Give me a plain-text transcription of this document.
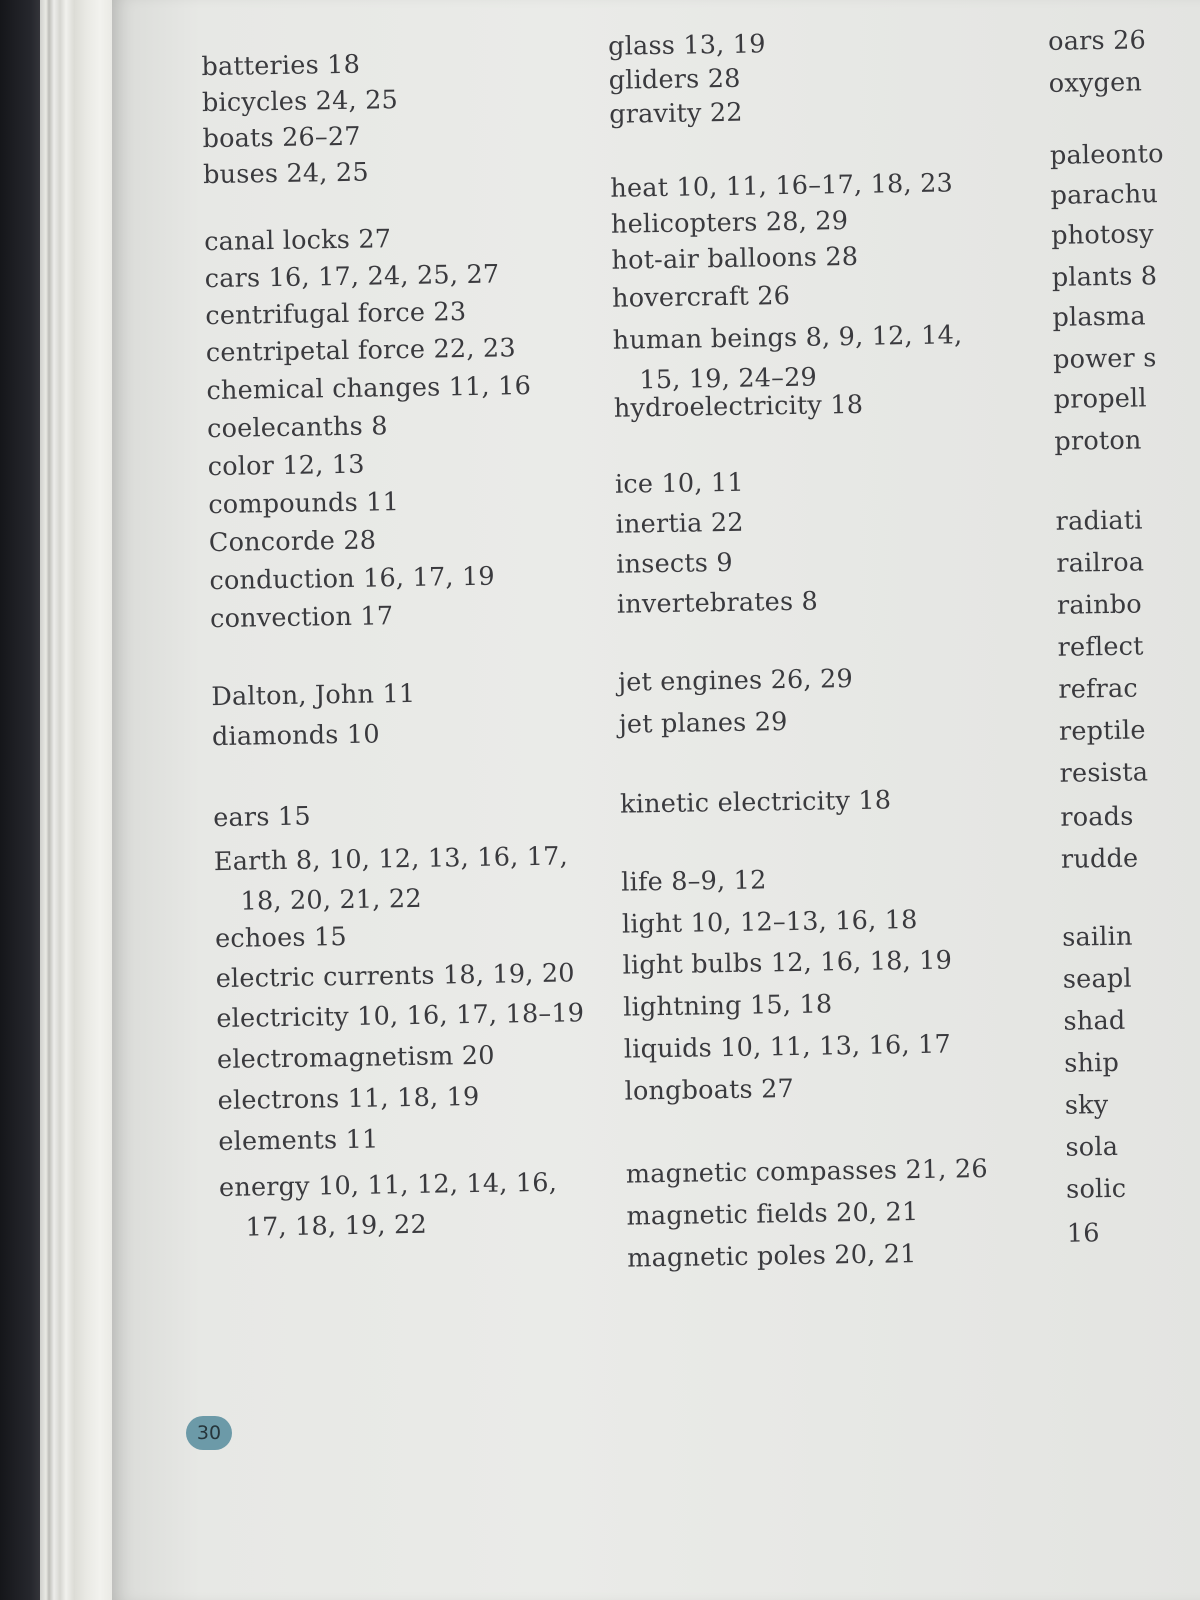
batteries 18
bicycles 24, 25
boats 26–27
buses 24, 25
canal locks 27
cars 16, 17, 24, 25, 27
centrifugal force 23
centripetal force 22, 23
chemical changes 11, 16
coelecanths 8
color 12, 13
compounds 11
Concorde 28
conduction 16, 17, 19
convection 17
Dalton, John 11
diamonds 10
ears 15
Earth 8, 10, 12, 13, 16, 17,
18, 20, 21, 22
echoes 15
electric currents 18, 19, 20
electricity 10, 16, 17, 18–19
electromagnetism 20
electrons 11, 18, 19
elements 11
energy 10, 11, 12, 14, 16,
17, 18, 19, 22
glass 13, 19
gliders 28
gravity 22
heat 10, 11, 16–17, 18, 23
helicopters 28, 29
hot-air balloons 28
hovercraft 26
human beings 8, 9, 12, 14,
15, 19, 24–29
hydroelectricity 18
ice 10, 11
inertia 22
insects 9
invertebrates 8
jet engines 26, 29
jet planes 29
kinetic electricity 18
life 8–9, 12
light 10, 12–13, 16, 18
light bulbs 12, 16, 18, 19
lightning 15, 18
liquids 10, 11, 13, 16, 17
longboats 27
magnetic compasses 21, 26
magnetic fields 20, 21
magnetic poles 20, 21
oars 26
oxygen
paleonto
parachu
photosy
plants 8
plasma
power s
propell
proton
radiati
railroa
rainbo
reflect
refrac
reptile
resista
roads
rudde
sailin
seapl
shad
ship
sky
sola
solic
16
30
